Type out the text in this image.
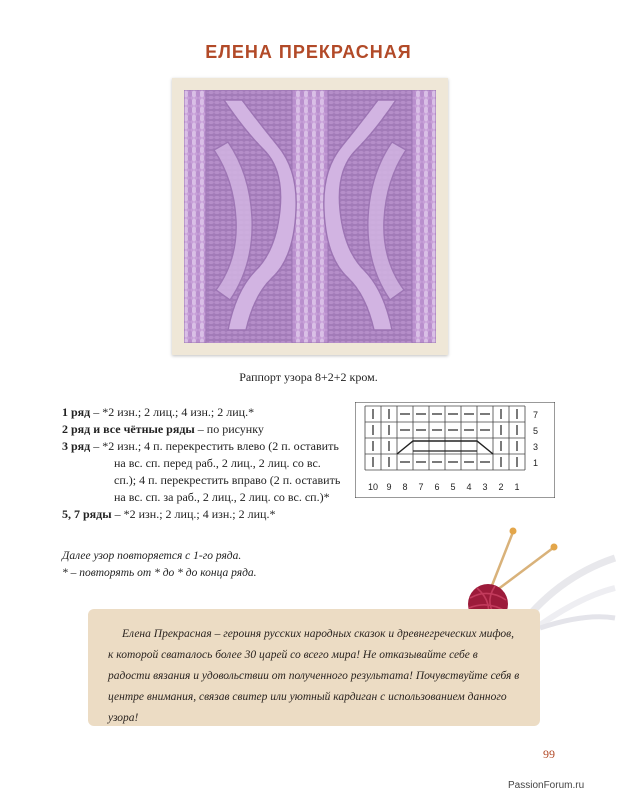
ЕЛЕНА ПРЕКРАСНАЯ
Раппорт узора 8+2+2 кром.
1 ряд – *2 изн.; 2 лиц.; 4 изн.; 2 лиц.*
2 ряд и все чётные ряды – по рисунку
3 ряд – *2 изн.; 4 п. перекрестить влево (2 п. оставить на вс. сп. перед раб., 2 лиц., 2 лиц. со вс. сп.); 4 п. перекрестить вправо (2 п. оставить на вс. сп. за раб., 2 лиц., 2 лиц. со вс. сп.)*
5, 7 ряды – *2 изн.; 2 лиц.; 4 изн.; 2 лиц.*
7
5
3
1
10 9 8 7 6 5 4 3 2 1
Далее узор повторяется с 1-го ряда.
* – повторять от * до * до конца ряда.
Елена Прекрасная – героиня русских народных сказок и древнегреческих мифов, к которой сваталось более 30 царей со всего мира! Не отказывайте себе в радости вязания и удовольствии от полученного результата! Почувствуйте себя в центре внимания, связав свитер или уютный кардиган с использованием данного узора!
99
PassionForum.ru
